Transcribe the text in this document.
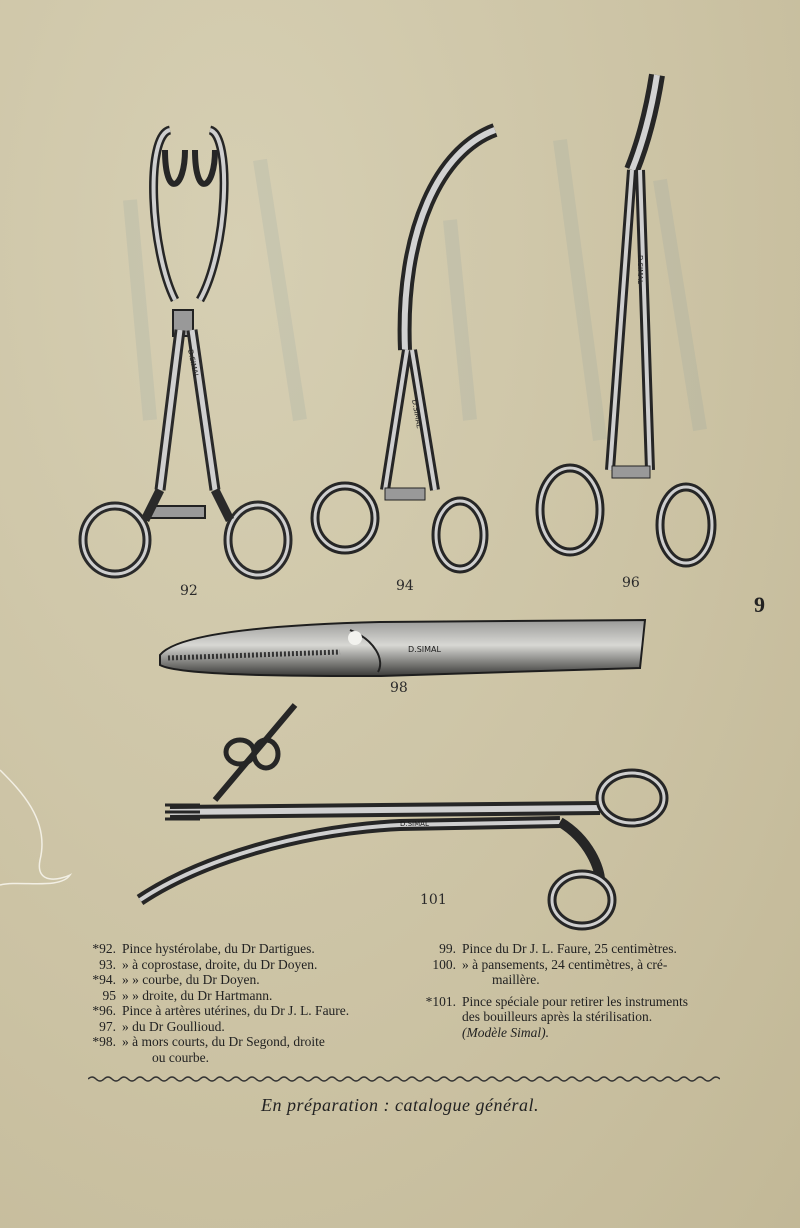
D.SIMAL
D.SIMAL
D.SIMAL
D.SIMAL
D.SIMAL
92	94	96
98
101
9
*92. Pince hystérolabe, du Dr Dartigues.
93. » à coprostase, droite, du Dr Doyen.
*94. » » courbe, du Dr Doyen.
95 » » droite, du Dr Hartmann.
*96. Pince à artères utérines, du Dr J. L. Faure.
97. » du Dr Goullioud.
*98. » à mors courts, du Dr Segond, droite
ou courbe.
99. Pince du Dr J. L. Faure, 25 centimètres.
100. » à pansements, 24 centimètres, à cré-
maillère.
*101. Pince spéciale pour retirer les instruments
des bouilleurs après la stérilisation.
(Modèle Simal).
En préparation : catalogue général.
